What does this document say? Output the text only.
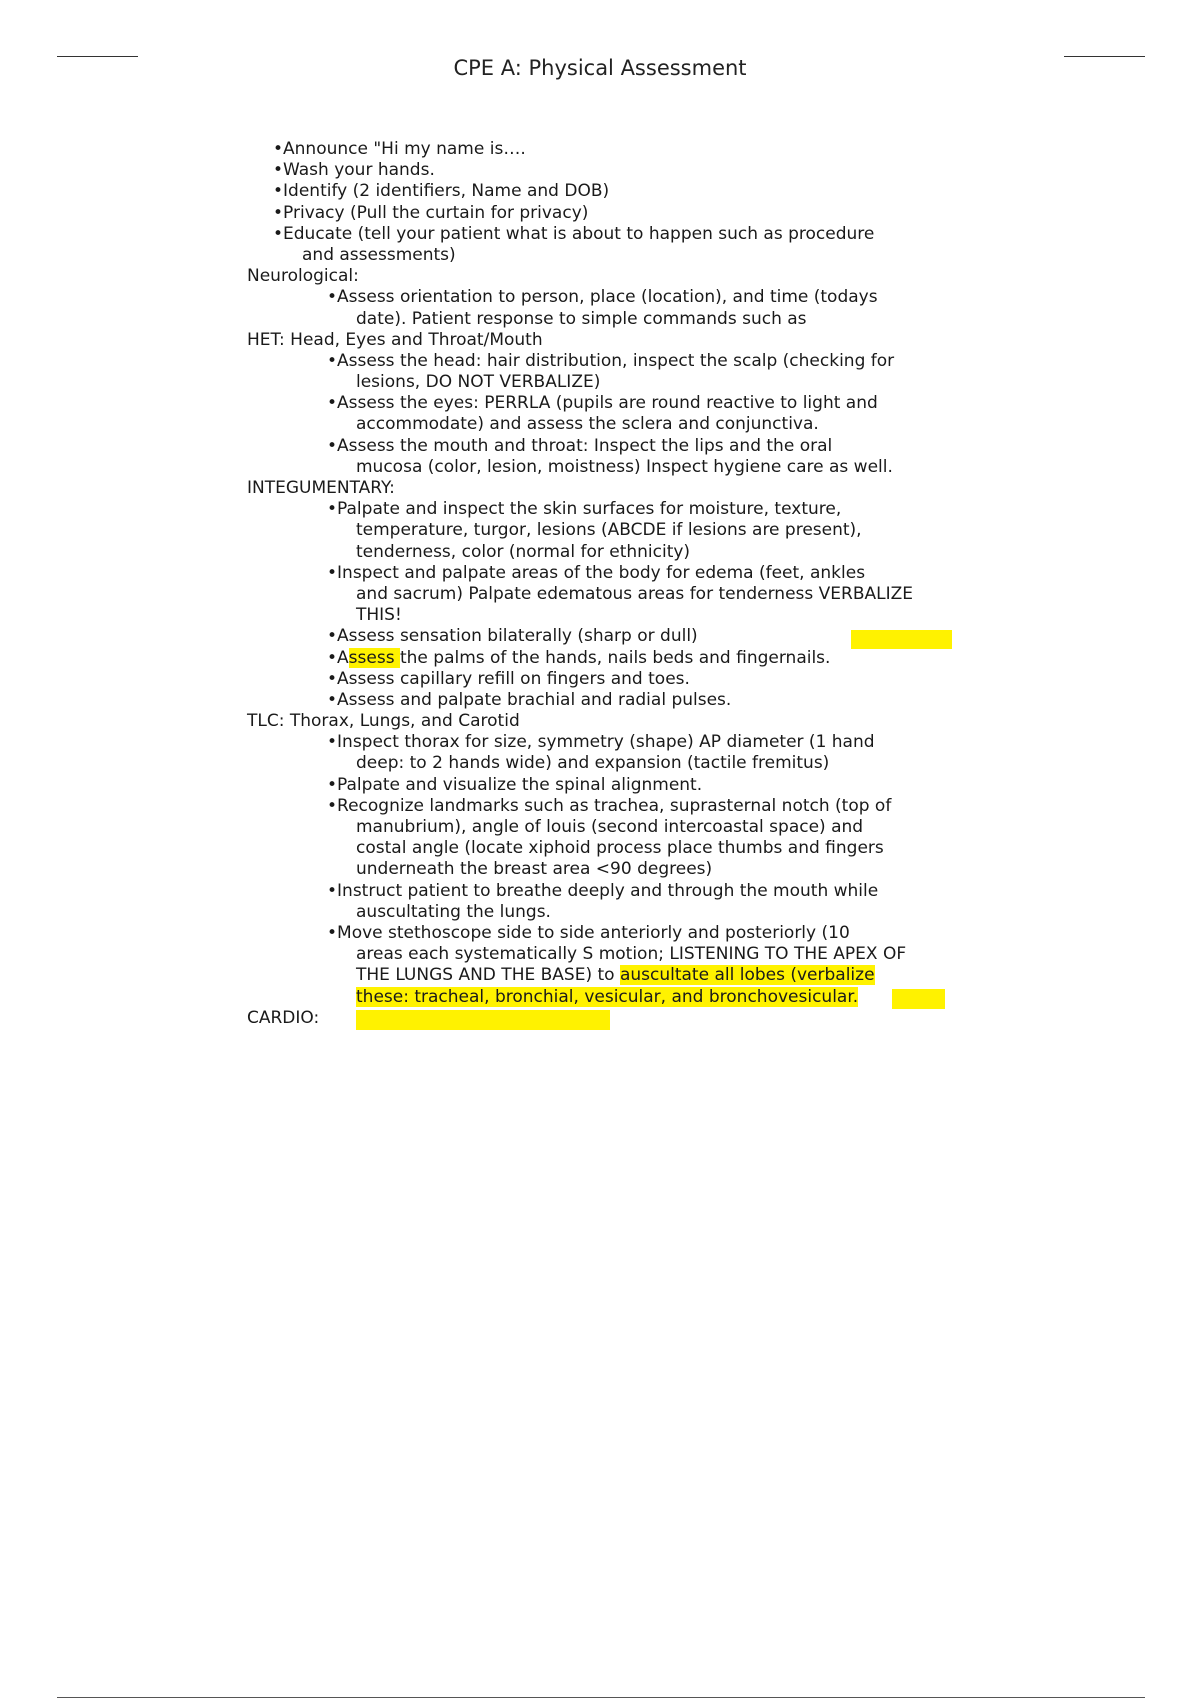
CPE A: Physical Assessment
•Announce "Hi my name is….
•Wash your hands.
•Identify (2 identifiers, Name and DOB)
•Privacy (Pull the curtain for privacy)
•Educate (tell your patient what is about to happen such as procedure
and assessments)
Neurological:
•Assess orientation to person, place (location), and time (todays
date). Patient response to simple commands such as
HET: Head, Eyes and Throat/Mouth
•Assess the head: hair distribution, inspect the scalp (checking for
lesions, DO NOT VERBALIZE)
•Assess the eyes: PERRLA (pupils are round reactive to light and
accommodate) and assess the sclera and conjunctiva.
•Assess the mouth and throat: Inspect the lips and the oral
mucosa (color, lesion, moistness) Inspect hygiene care as well.
INTEGUMENTARY:
•Palpate and inspect the skin surfaces for moisture, texture,
temperature, turgor, lesions (ABCDE if lesions are present),
tenderness, color (normal for ethnicity)
•Inspect and palpate areas of the body for edema (feet, ankles
and sacrum) Palpate edematous areas for tenderness VERBALIZE
THIS!
•Assess sensation bilaterally (sharp or dull)
•Assess the palms of the hands, nails beds and fingernails.
•Assess capillary refill on fingers and toes.
•Assess and palpate brachial and radial pulses.
TLC: Thorax, Lungs, and Carotid
•Inspect thorax for size, symmetry (shape) AP diameter (1 hand
deep: to 2 hands wide) and expansion (tactile fremitus)
•Palpate and visualize the spinal alignment.
•Recognize landmarks such as trachea, suprasternal notch (top of
manubrium), angle of louis (second intercoastal space) and
costal angle (locate xiphoid process place thumbs and fingers
underneath the breast area <90 degrees)
•Instruct patient to breathe deeply and through the mouth while
auscultating the lungs.
•Move stethoscope side to side anteriorly and posteriorly (10
areas each systematically S motion; LISTENING TO THE APEX OF
THE LUNGS AND THE BASE) to auscultate all lobes (verbalize
these: tracheal, bronchial, vesicular, and bronchovesicular.
CARDIO:
